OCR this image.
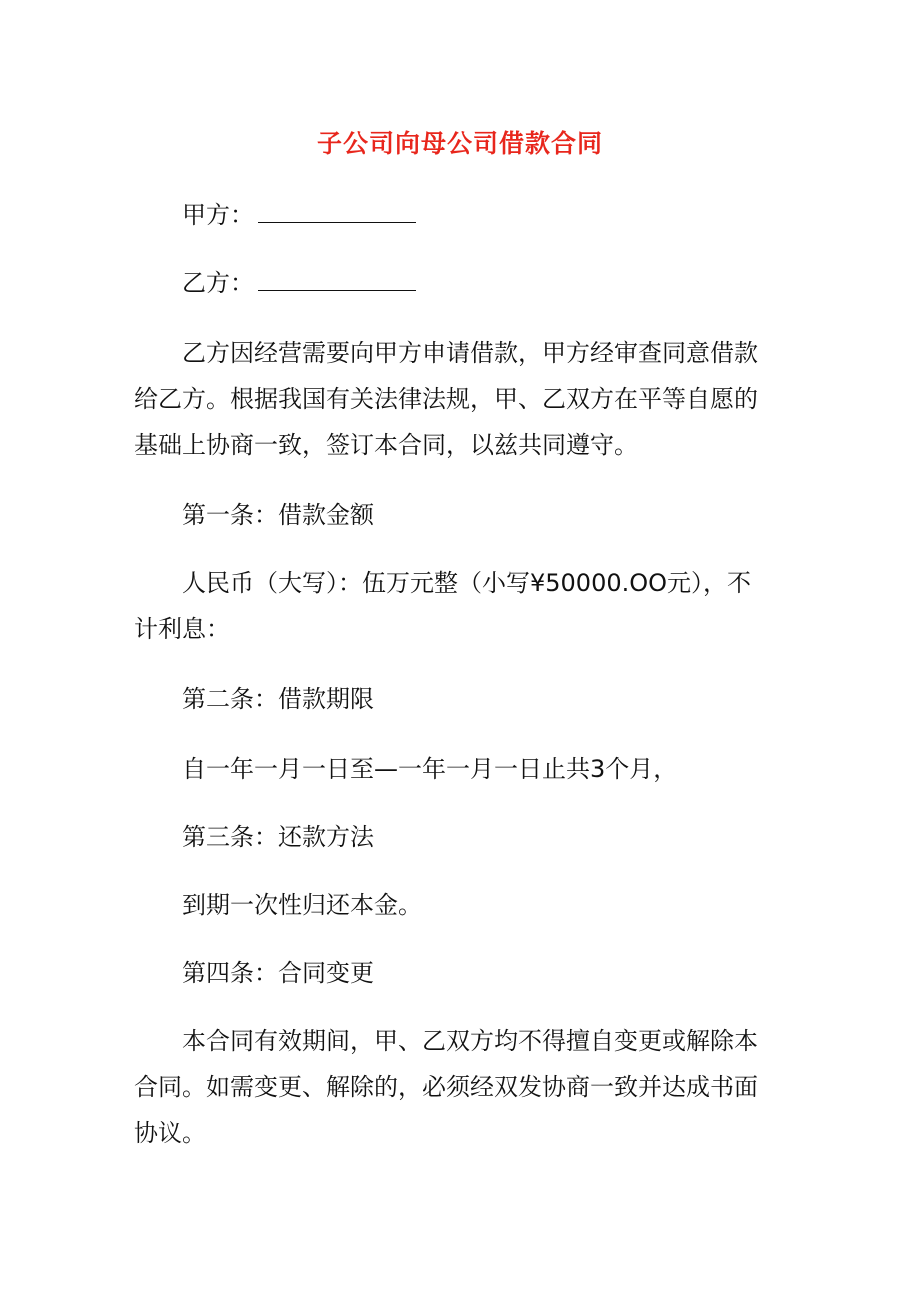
子公司向母公司借款合同

甲方：

乙方：

乙方因经营需要向甲方申请借款，甲方经审查同意借款
给乙方。根据我国有关法律法规，甲、乙双方在平等自愿的
基础上协商一致，签订本合同，以兹共同遵守。

第一条：借款金额

人民币（大写）：伍万元整（小写¥50000.OO元），不
计利息：

第二条：借款期限

自一年一月一日至—一年一月一日止共3个月，

第三条：还款方法

到期一次性归还本金。

第四条：合同变更

本合同有效期间，甲、乙双方均不得擅自变更或解除本
合同。如需变更、解除的，必须经双发协商一致并达成书面
协议。
